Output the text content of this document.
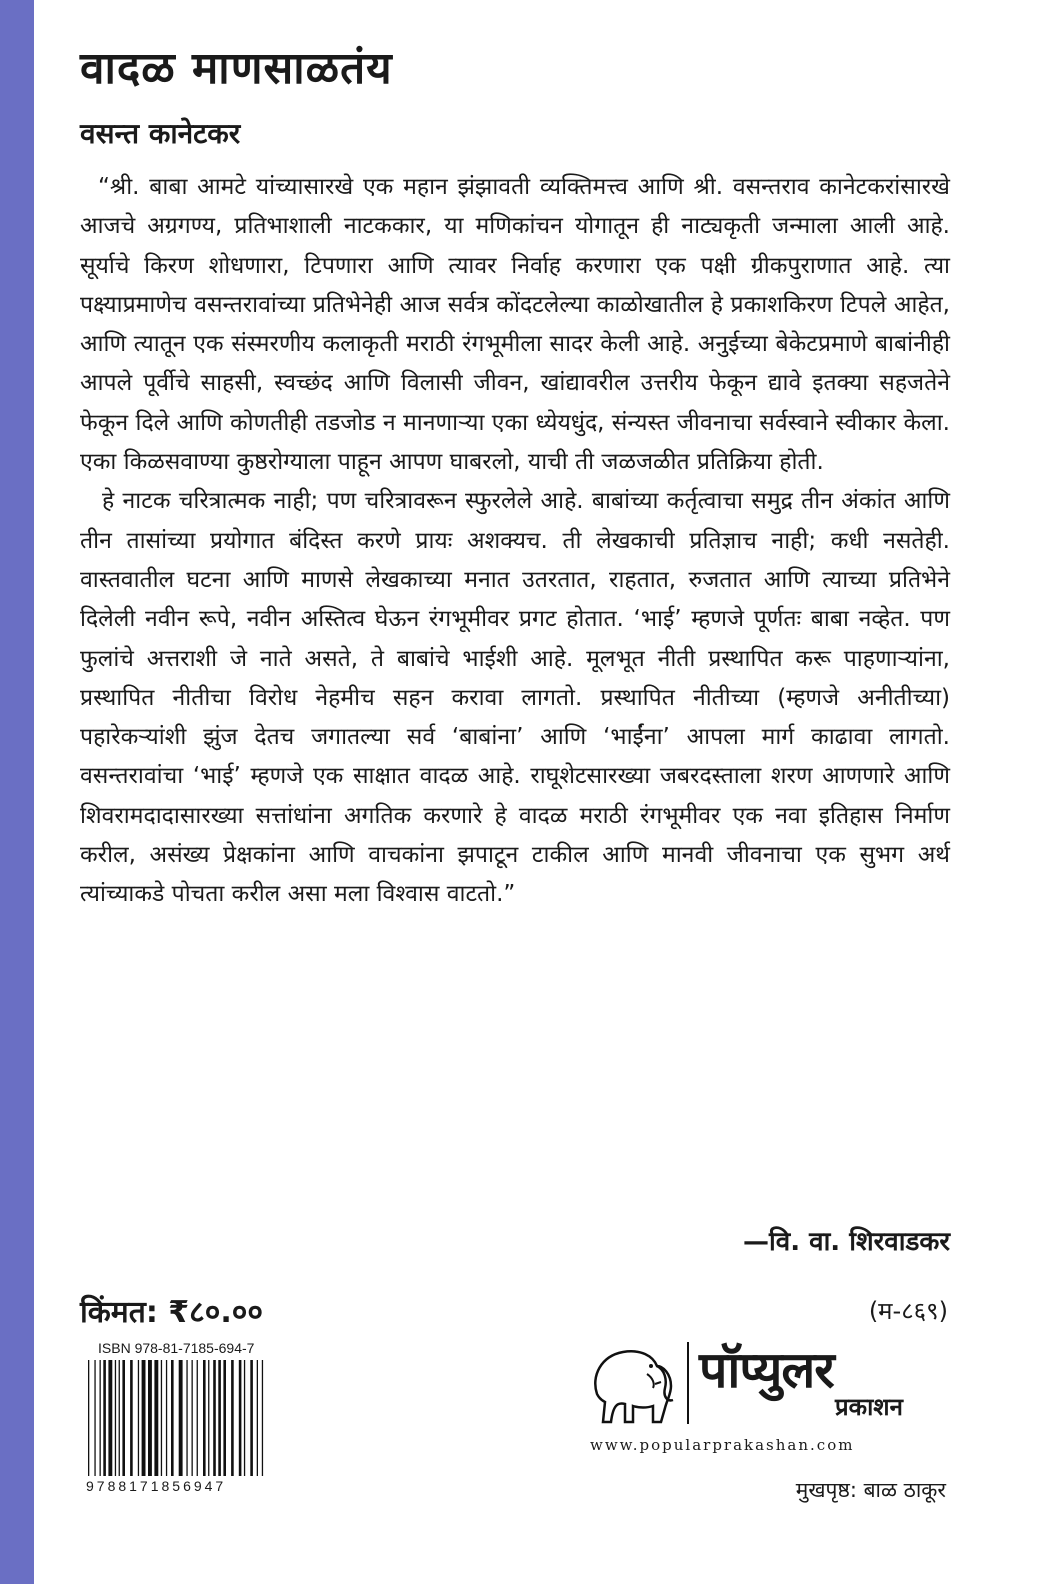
वादळ माणसाळतंय
वसन्त कानेटकर

“श्री. बाबा आमटे यांच्यासारखे एक महान झंझावती व्यक्तिमत्त्व आणि श्री. वसन्तराव कानेटकरांसारखे आजचे अग्रगण्य, प्रतिभाशाली नाटककार, या मणिकांचन योगातून ही नाट्यकृती जन्माला आली आहे. सूर्याचे किरण शोधणारा, टिपणारा आणि त्यावर निर्वाह करणारा एक पक्षी ग्रीकपुराणात आहे. त्या पक्ष्याप्रमाणेच वसन्तरावांच्या प्रतिभेनेही आज सर्वत्र कोंदटलेल्या काळोखातील हे प्रकाशकिरण टिपले आहेत, आणि त्यातून एक संस्मरणीय कलाकृती मराठी रंगभूमीला सादर केली आहे. अनुईच्या बेकेटप्रमाणे बाबांनीही आपले पूर्वीचे साहसी, स्वच्छंद आणि विलासी जीवन, खांद्यावरील उत्तरीय फेकून द्यावे इतक्या सहजतेने फेकून दिले आणि कोणतीही तडजोड न मानणाऱ्या एका ध्येयधुंद, संन्यस्त जीवनाचा सर्वस्वाने स्वीकार केला. एका किळसवाण्या कुष्ठरोग्याला पाहून आपण घाबरलो, याची ती जळजळीत प्रतिक्रिया होती.

हे नाटक चरित्रात्मक नाही; पण चरित्रावरून स्फुरलेले आहे. बाबांच्या कर्तृत्वाचा समुद्र तीन अंकांत आणि तीन तासांच्या प्रयोगात बंदिस्त करणे प्रायः अशक्यच. ती लेखकाची प्रतिज्ञाच नाही; कधी नसतेही. वास्तवातील घटना आणि माणसे लेखकाच्या मनात उतरतात, राहतात, रुजतात आणि त्याच्या प्रतिभेने दिलेली नवीन रूपे, नवीन अस्तित्व घेऊन रंगभूमीवर प्रगट होतात. ‘भाई’ म्हणजे पूर्णतः बाबा नव्हेत. पण फुलांचे अत्तराशी जे नाते असते, ते बाबांचे भाईशी आहे. मूलभूत नीती प्रस्थापित करू पाहणाऱ्यांना, प्रस्थापित नीतीचा विरोध नेहमीच सहन करावा लागतो. प्रस्थापित नीतीच्या (म्हणजे अनीतीच्या) पहारेकऱ्यांशी झुंज देतच जगातल्या सर्व ‘बाबांना’ आणि ‘भाईंना’ आपला मार्ग काढावा लागतो. वसन्तरावांचा ‘भाई’ म्हणजे एक साक्षात वादळ आहे. राघूशेटसारख्या जबरदस्ताला शरण आणणारे आणि शिवरामदादासारख्या सत्तांधांना अगतिक करणारे हे वादळ मराठी रंगभूमीवर एक नवा इतिहास निर्माण करील, असंख्य प्रेक्षकांना आणि वाचकांना झपाटून टाकील आणि मानवी जीवनाचा एक सुभग अर्थ त्यांच्याकडे पोचता करील असा मला विश्वास वाटतो.”

—वि. वा. शिरवाडकर
किंमत: ₹८०.००	(म-८६९)
ISBN 978-81-7185-694-7
9788171856947
पॉप्युलर
प्रकाशन
www.popularprakashan.com
मुखपृष्ठ: बाळ ठाकूर
